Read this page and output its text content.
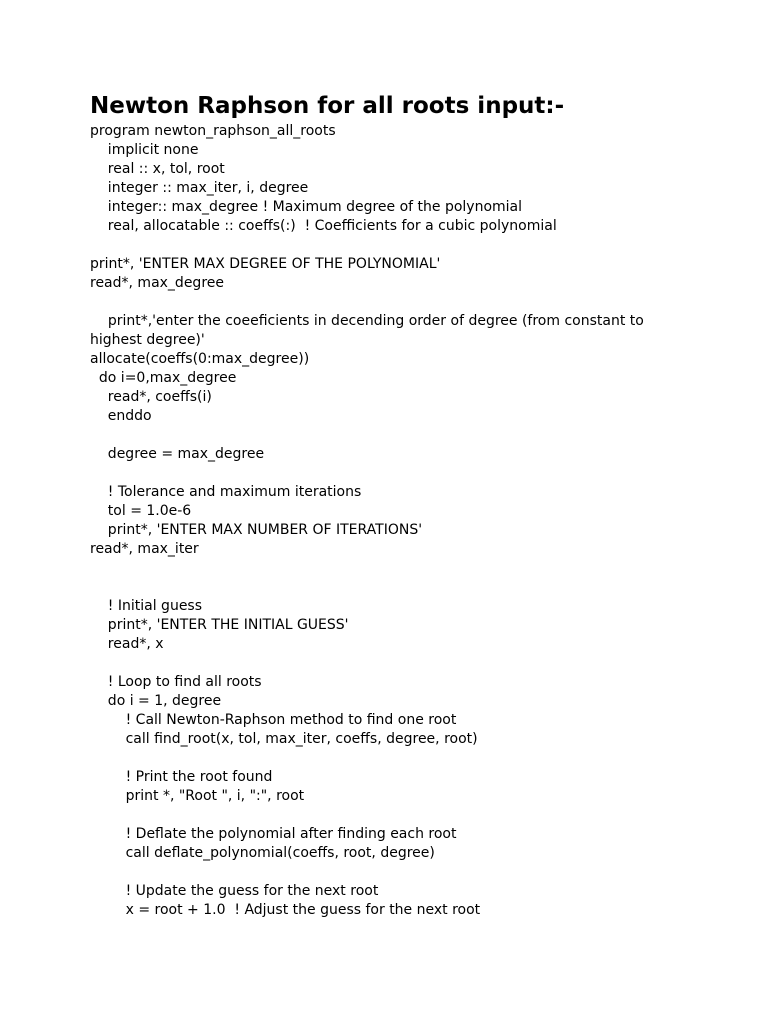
Newton Raphson for all roots input:-
program newton_raphson_all_roots
implicit none
real :: x, tol, root
integer :: max_iter, i, degree
integer:: max_degree ! Maximum degree of the polynomial
real, allocatable :: coeffs(:)  ! Coefficients for a cubic polynomial
print*, 'ENTER MAX DEGREE OF THE POLYNOMIAL'
read*, max_degree
print*,'enter the coeeficients in decending order of degree (from constant to highest degree)'
allocate(coeffs(0:max_degree))
do i=0,max_degree
read*, coeffs(i)
enddo
degree = max_degree
! Tolerance and maximum iterations
tol = 1.0e-6
print*, 'ENTER MAX NUMBER OF ITERATIONS'
read*, max_iter
! Initial guess
print*, 'ENTER THE INITIAL GUESS'
read*, x
! Loop to find all roots
do i = 1, degree
! Call Newton-Raphson method to find one root
call find_root(x, tol, max_iter, coeffs, degree, root)
! Print the root found
print *, "Root ", i, ":", root
! Deflate the polynomial after finding each root
call deflate_polynomial(coeffs, root, degree)
! Update the guess for the next root
x = root + 1.0  ! Adjust the guess for the next root
